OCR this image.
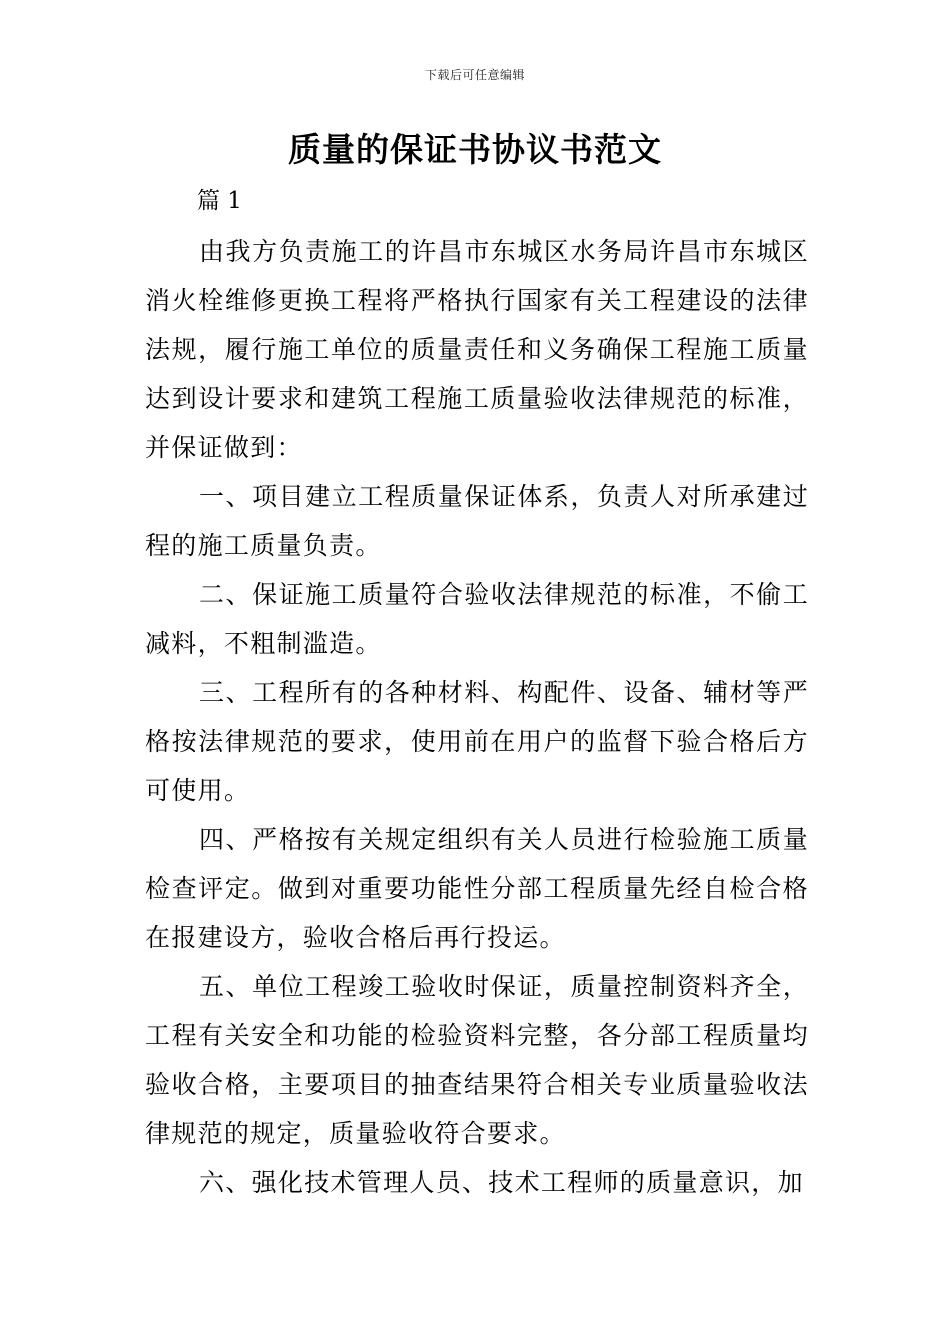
下载后可任意编辑
质量的保证书协议书范文

篇 1

由我方负责施工的许昌市东城区水务局许昌市东城区消火栓维修更换工程将严格执行国家有关工程建设的法律法规，履行施工单位的质量责任和义务确保工程施工质量达到设计要求和建筑工程施工质量验收法律规范的标准，并保证做到：

一、项目建立工程质量保证体系，负责人对所承建过程的施工质量负责。

二、保证施工质量符合验收法律规范的标准，不偷工减料，不粗制滥造。

三、工程所有的各种材料、构配件、设备、辅材等严格按法律规范的要求，使用前在用户的监督下验合格后方可使用。

四、严格按有关规定组织有关人员进行检验施工质量检查评定。做到对重要功能性分部工程质量先经自检合格在报建设方，验收合格后再行投运。

五、单位工程竣工验收时保证，质量控制资料齐全，工程有关安全和功能的检验资料完整，各分部工程质量均验收合格，主要项目的抽查结果符合相关专业质量验收法律规范的规定，质量验收符合要求。

六、强化技术管理人员、技术工程师的质量意识，加
